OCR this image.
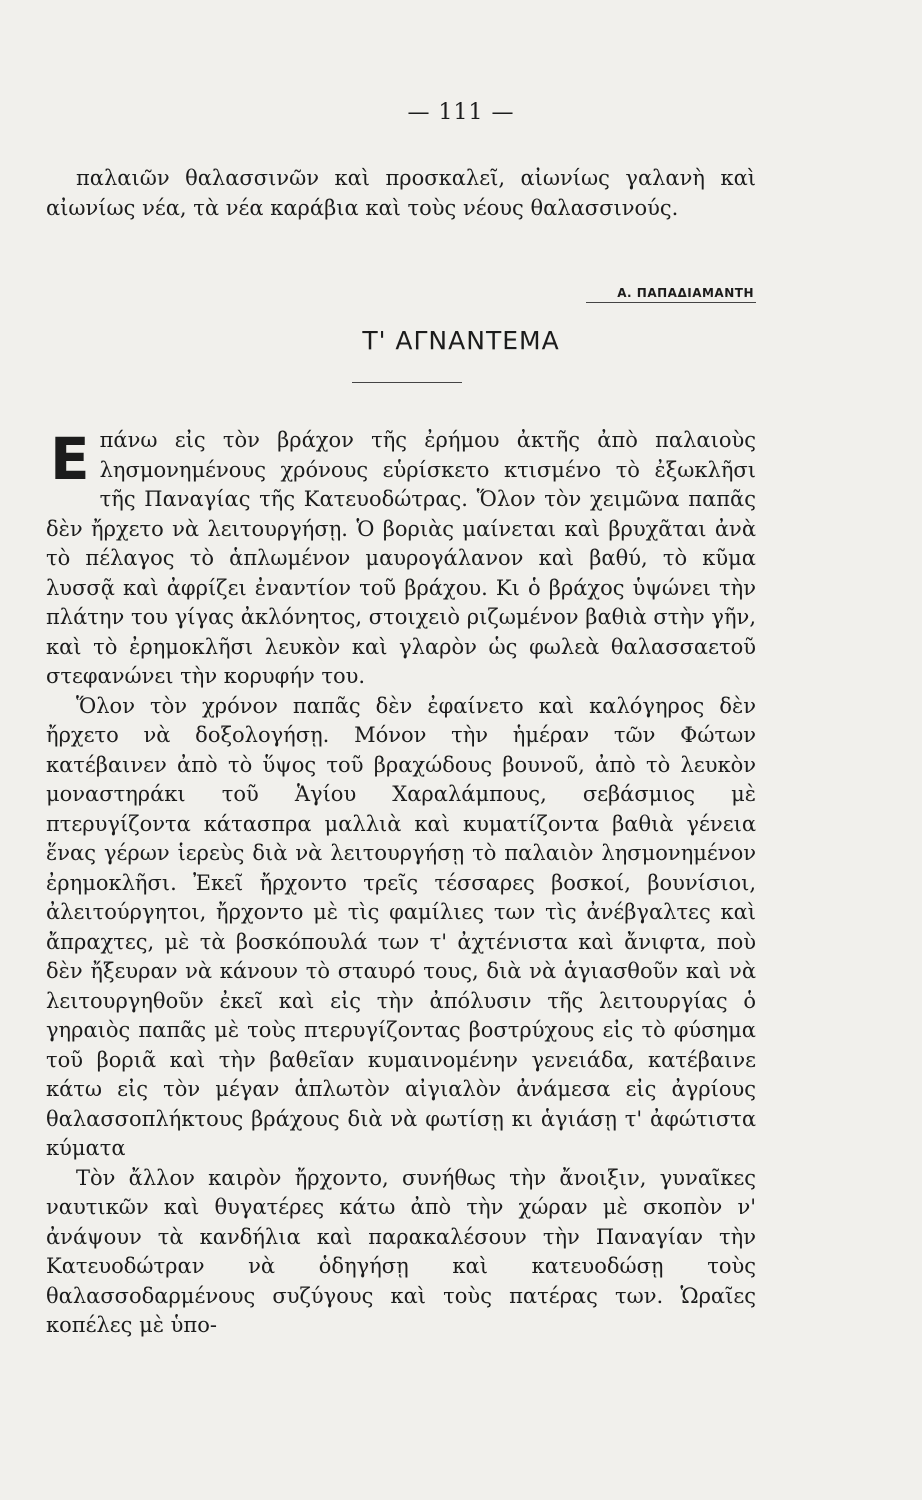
— 111 —

παλαιῶν θαλασσινῶν καὶ προσκαλεῖ, αἰωνίως γαλανὴ καὶ αἰωνίως νέα, τὰ νέα καράβια καὶ τοὺς νέους θαλασσινούς.

Α. ΠΑΠΑΔΙΑΜΑΝΤΗ
Τ' ΑΓΝΑΝΤΕΜΑ

Επάνω εἰς τὸν βράχον τῆς ἐρήμου ἀκτῆς ἀπὸ παλαιοὺς λησμονημένους χρόνους εὑρίσκετο κτισμένο τὸ ἐξωκλῆσι τῆς Παναγίας τῆς Κατευοδώτρας. Ὅλον τὸν χειμῶνα παπᾶς δὲν ἤρχετο νὰ λειτουργήσῃ. Ὁ βοριὰς μαίνεται καὶ βρυχᾶται ἀνὰ τὸ πέλαγος τὸ ἁπλωμένον μαυρογάλανον καὶ βαθύ, τὸ κῦμα λυσσᾷ καὶ ἀφρίζει ἐναντίον τοῦ βράχου. Κι ὁ βράχος ὑψώνει τὴν πλάτην του γίγας ἀκλόνητος, στοιχειὸ ριζωμένον βαθιὰ στὴν γῆν, καὶ τὸ ἐρημοκλῆσι λευκὸν καὶ γλαρὸν ὡς φωλεὰ θαλασσαετοῦ στεφανώνει τὴν κορυφήν του.

Ὅλον τὸν χρόνον παπᾶς δὲν ἐφαίνετο καὶ καλόγηρος δὲν ἤρχετο νὰ δοξολογήσῃ. Μόνον τὴν ἡμέραν τῶν Φώτων κατέβαινεν ἀπὸ τὸ ὕψος τοῦ βραχώδους βουνοῦ, ἀπὸ τὸ λευκὸν μοναστηράκι τοῦ Ἁγίου Χαραλάμπους, σεβάσμιος μὲ πτερυγίζοντα κάτασπρα μαλλιὰ καὶ κυματίζοντα βαθιὰ γένεια ἕνας γέρων ἱερεὺς διὰ νὰ λειτουργήσῃ τὸ παλαιὸν λησμονημένον ἐρημοκλῆσι. Ἐκεῖ ἤρχοντο τρεῖς τέσσαρες βοσκοί, βουνίσιοι, ἀλειτούργητοι, ἤρχοντο μὲ τὶς φαμίλιες των τὶς ἀνέβγαλτες καὶ ἄπραχτες, μὲ τὰ βοσκόπουλά των τ' ἀχτένιστα καὶ ἄνιφτα, ποὺ δὲν ἤξευραν νὰ κάνουν τὸ σταυρό τους, διὰ νὰ ἁγιασθοῦν καὶ νὰ λειτουργηθοῦν ἐκεῖ καὶ εἰς τὴν ἀπόλυσιν τῆς λειτουργίας ὁ γηραιὸς παπᾶς μὲ τοὺς πτερυγίζοντας βοστρύχους εἰς τὸ φύσημα τοῦ βοριᾶ καὶ τὴν βαθεῖαν κυμαινομένην γενειάδα, κατέβαινε κάτω εἰς τὸν μέγαν ἁπλωτὸν αἰγιαλὸν ἀνάμεσα εἰς ἀγρίους θαλασσοπλήκτους βράχους διὰ νὰ φωτίσῃ κι ἁγιάσῃ τ' ἀφώτιστα κύματα

Τὸν ἄλλον καιρὸν ἤρχοντο, συνήθως τὴν ἄνοιξιν, γυναῖκες ναυτικῶν καὶ θυγατέρες κάτω ἀπὸ τὴν χώραν μὲ σκοπὸν ν' ἀνάψουν τὰ κανδήλια καὶ παρακαλέσουν τὴν Παναγίαν τὴν Κατευοδώτραν νὰ ὁδηγήσῃ καὶ κατευοδώσῃ τοὺς θαλασσοδαρμένους συζύγους καὶ τοὺς πατέρας των. Ὡραῖες κοπέλες μὲ ὑπο-
